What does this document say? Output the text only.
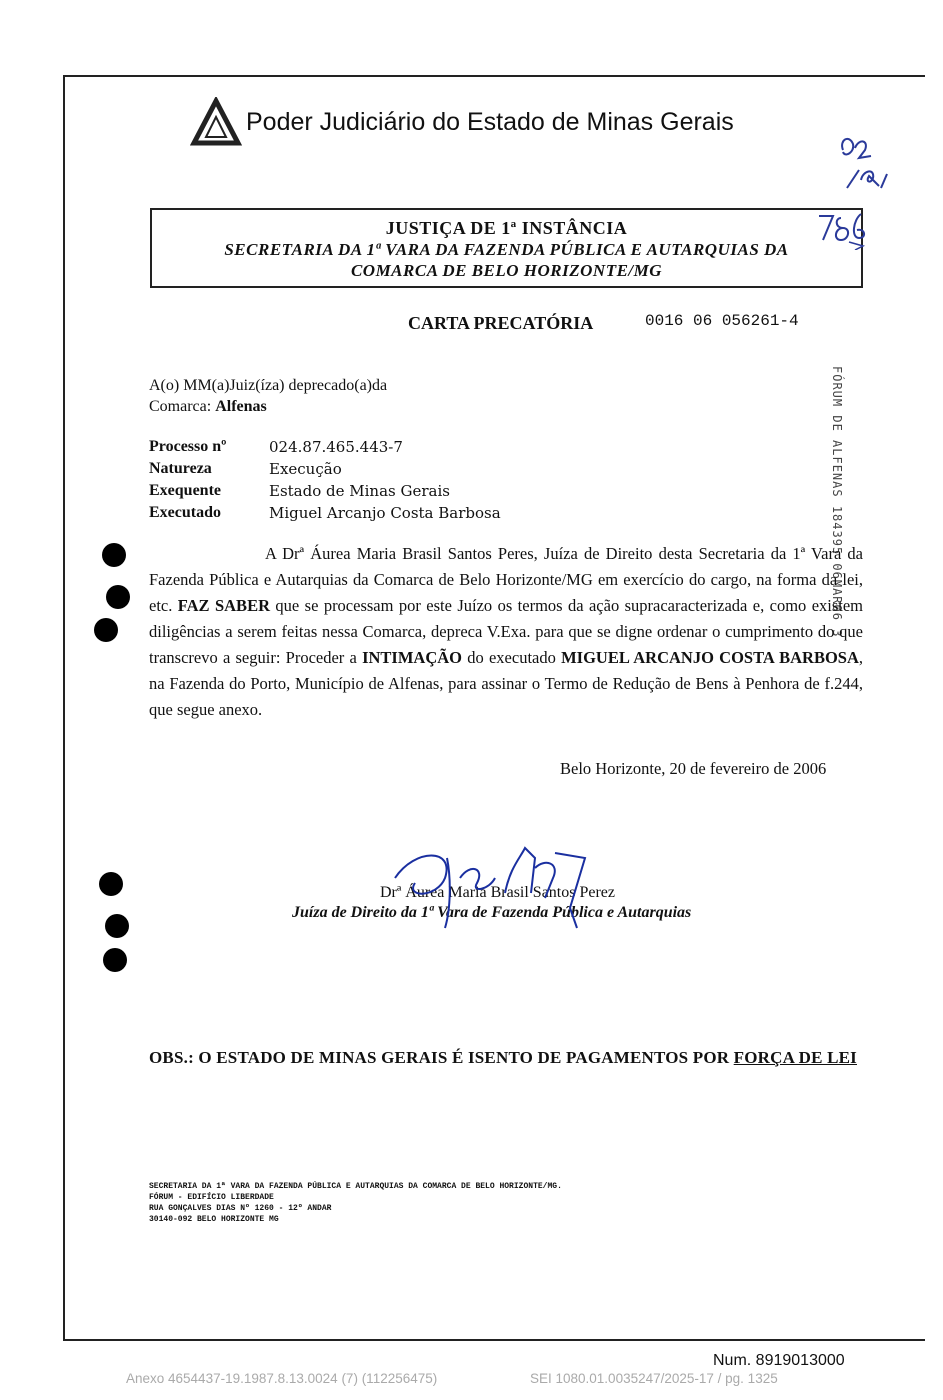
Poder Judiciário do Estado de Minas Gerais
JUSTIÇA DE 1ª INSTÂNCIA
SECRETARIA DA 1ª VARA DA FAZENDA PÚBLICA E AUTARQUIAS DA
COMARCA DE BELO HORIZONTE/MG
CARTA PRECATÓRIA	0016 06 056261-4
A(o) MM(a)Juiz(íza) deprecado(a)da
Comarca: Alfenas
Processo nº	024.87.465.443-7
Natureza	Execução
Exequente	Estado de Minas Gerais
Executado	Miguel Arcanjo Costa Barbosa	FÓRUM DE ALFENAS 184395 06MAR06 3
A Drª Áurea Maria Brasil Santos Peres, Juíza de Direito desta Secretaria da 1ª Vara da Fazenda Pública e Autarquias da Comarca de Belo Horizonte/MG em exercício do cargo, na forma da lei, etc. FAZ SABER que se processam por este Juízo os termos da ação supracaracterizada e, como existem diligências a serem feitas nessa Comarca, depreca V.Exa. para que se digne ordenar o cumprimento do que transcrevo a seguir: Proceder a INTIMAÇÃO do executado MIGUEL ARCANJO COSTA BARBOSA, na Fazenda do Porto, Município de Alfenas, para assinar o Termo de Redução de Bens à Penhora de f.244, que segue anexo.
Belo Horizonte, 20 de fevereiro de 2006
Drª Áurea Maria Brasil Santos Perez
Juíza de Direito da 1ª Vara de Fazenda Pública e Autarquias
OBS.: O ESTADO DE MINAS GERAIS É ISENTO DE PAGAMENTOS POR FORÇA DE LEI
SECRETARIA DA 1ª VARA DA FAZENDA PÚBLICA E AUTARQUIAS DA COMARCA DE BELO HORIZONTE/MG.
FÓRUM - EDIFÍCIO LIBERDADE
RUA GONÇALVES DIAS Nº 1260 - 12º ANDAR
30140-092 BELO HORIZONTE MG
Num. 8919013000
Anexo 4654437-19.1987.8.13.0024 (7) (112256475)	SEI 1080.01.0035247/2025-17 / pg. 1325
